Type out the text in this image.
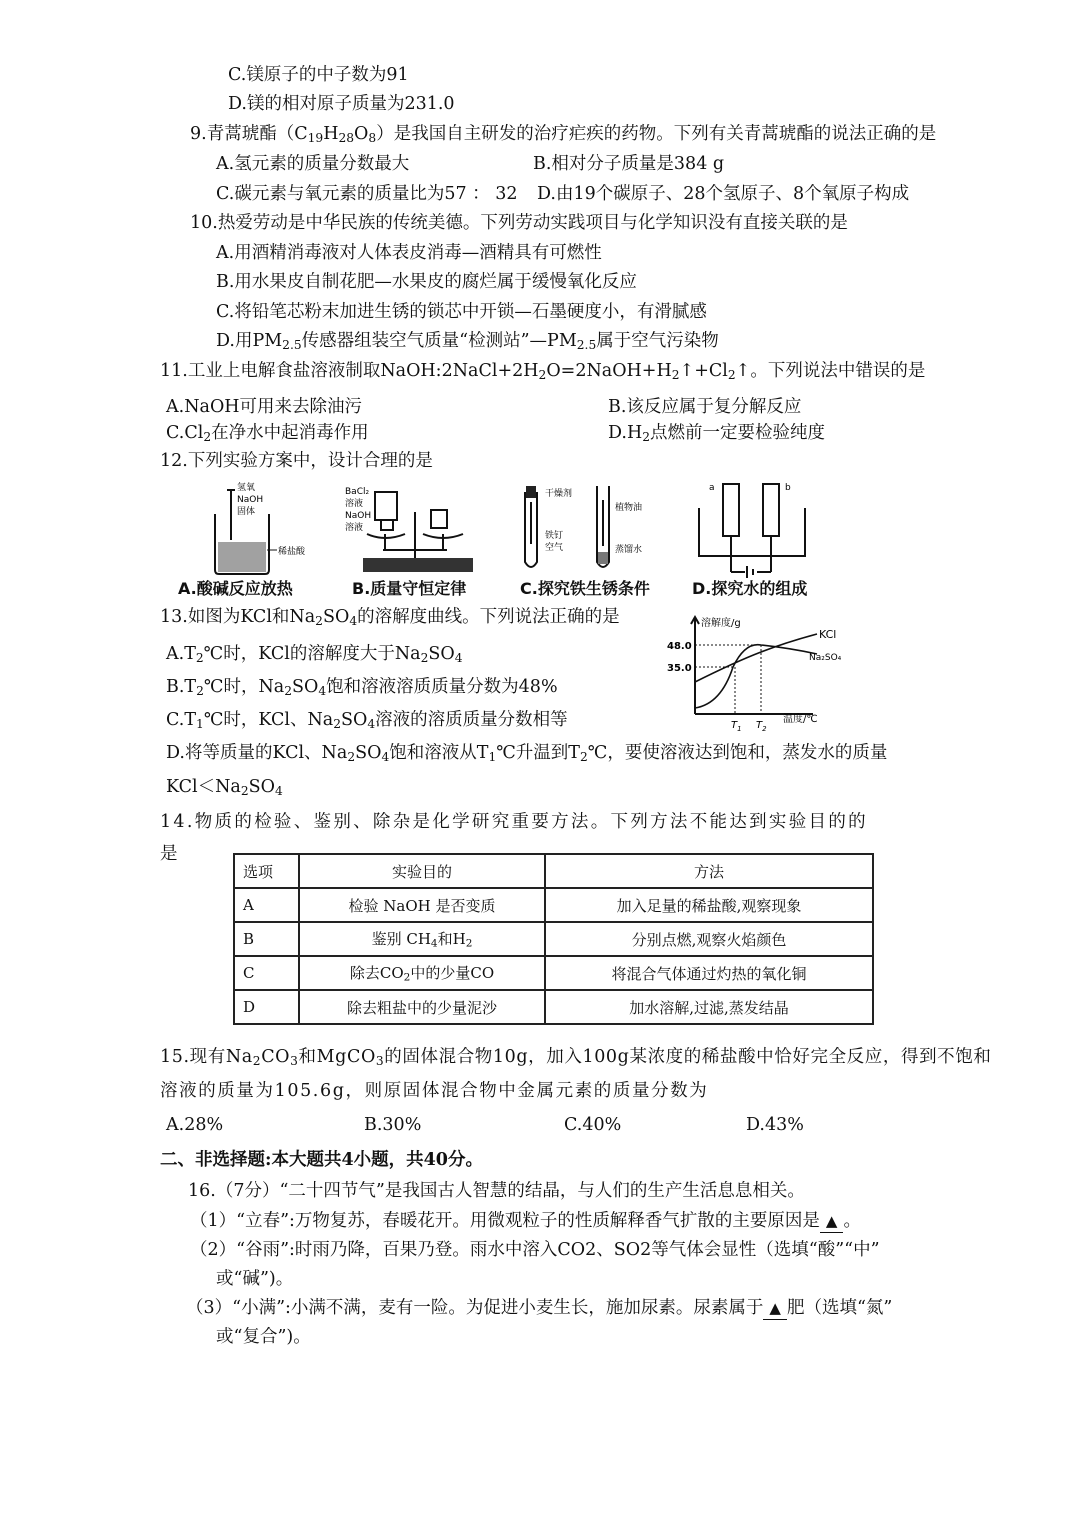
C.镁原子的中子数为91
D.镁的相对原子质量为231.0
9.青蒿琥酯（C19H28O8）是我国自主研发的治疗疟疾的药物。下列有关青蒿琥酯的说法正确的是
A.氢元素的质量分数最大	B.相对分子质量是384 g
C.碳元素与氧元素的质量比为57 ： 32 D.由19个碳原子、28个氢原子、8个氧原子构成
10.热爱劳动是中华民族的传统美德。下列劳动实践项目与化学知识没有直接关联的是
A.用酒精消毒液对人体表皮消毒—酒精具有可燃性
B.用水果皮自制花肥—水果皮的腐烂属于缓慢氧化反应
C.将铅笔芯粉末加进生锈的锁芯中开锁—石墨硬度小，有滑腻感
D.用PM2.5传感器组装空气质量“检测站”—PM2.5属于空气污染物
11.工业上电解食盐溶液制取NaOH:2NaCl+2H2O=2NaOH+H2↑+Cl2↑。下列说法中错误的是
A.NaOH可用来去除油污	B.该反应属于复分解反应
C.Cl2在净水中起消毒作用	D.H2点燃前一定要检验纯度
12.下列实验方案中，设计合理的是
氢氧
NaOH
固体
稀盐酸
BaCl₂
溶液
NaOH
溶液
干燥剂
植物油
铁钉
空气	蒸馏水
a	b
A.酸碱反应放热	B.质量守恒定律	C.探究铁生锈条件	D.探究水的组成
13.如图为KCl和Na2SO4的溶解度曲线。下列说法正确的是
A.T2℃时，KCl的溶解度大于Na2SO4
B.T2℃时，Na2SO4饱和溶液溶质质量分数为48%
C.T1℃时，KCl、Na2SO4溶液的溶质质量分数相等
D.将等质量的KCl、Na2SO4饱和溶液从T1℃升温到T2℃，要使溶液达到饱和，蒸发水的质量
KCl＜Na2SO4
溶解度/g
48.0
35.0
KCl
Na₂SO₄
$T_1$ $T_2$
温度/℃
14.物质的检验、鉴别、除杂是化学研究重要方法。下列方法不能达到实验目的的
是
选项	实验目的	方法
A	检验 NaOH 是否变质	加入足量的稀盐酸,观察现象
B	鉴别 CH4和H2	分别点燃,观察火焰颜色
C	除去CO2中的少量CO	将混合气体通过灼热的氧化铜
D	除去粗盐中的少量泥沙	加水溶解,过滤,蒸发结晶
15.现有Na2CO3和MgCO3的固体混合物10g，加入100g某浓度的稀盐酸中恰好完全反应，得到不饱和
溶液的质量为105.6g，则原固体混合物中金属元素的质量分数为
A.28%	B.30%	C.40%	D.43%
二、非选择题:本大题共4小题，共40分。
16.（7分）“二十四节气”是我国古人智慧的结晶，与人们的生产生活息息相关。
（1）“立春”:万物复苏，春暖花开。用微观粒子的性质解释香气扩散的主要原因是 ▲ 。
（2）“谷雨”:时雨乃降，百果乃登。雨水中溶入CO2、SO2等气体会显性（选填“酸”“中”
或“碱”)。
（3）“小满”:小满不满，麦有一险。为促进小麦生长，施加尿素。尿素属于 ▲ 肥（选填“氮”
或“复合”)。
